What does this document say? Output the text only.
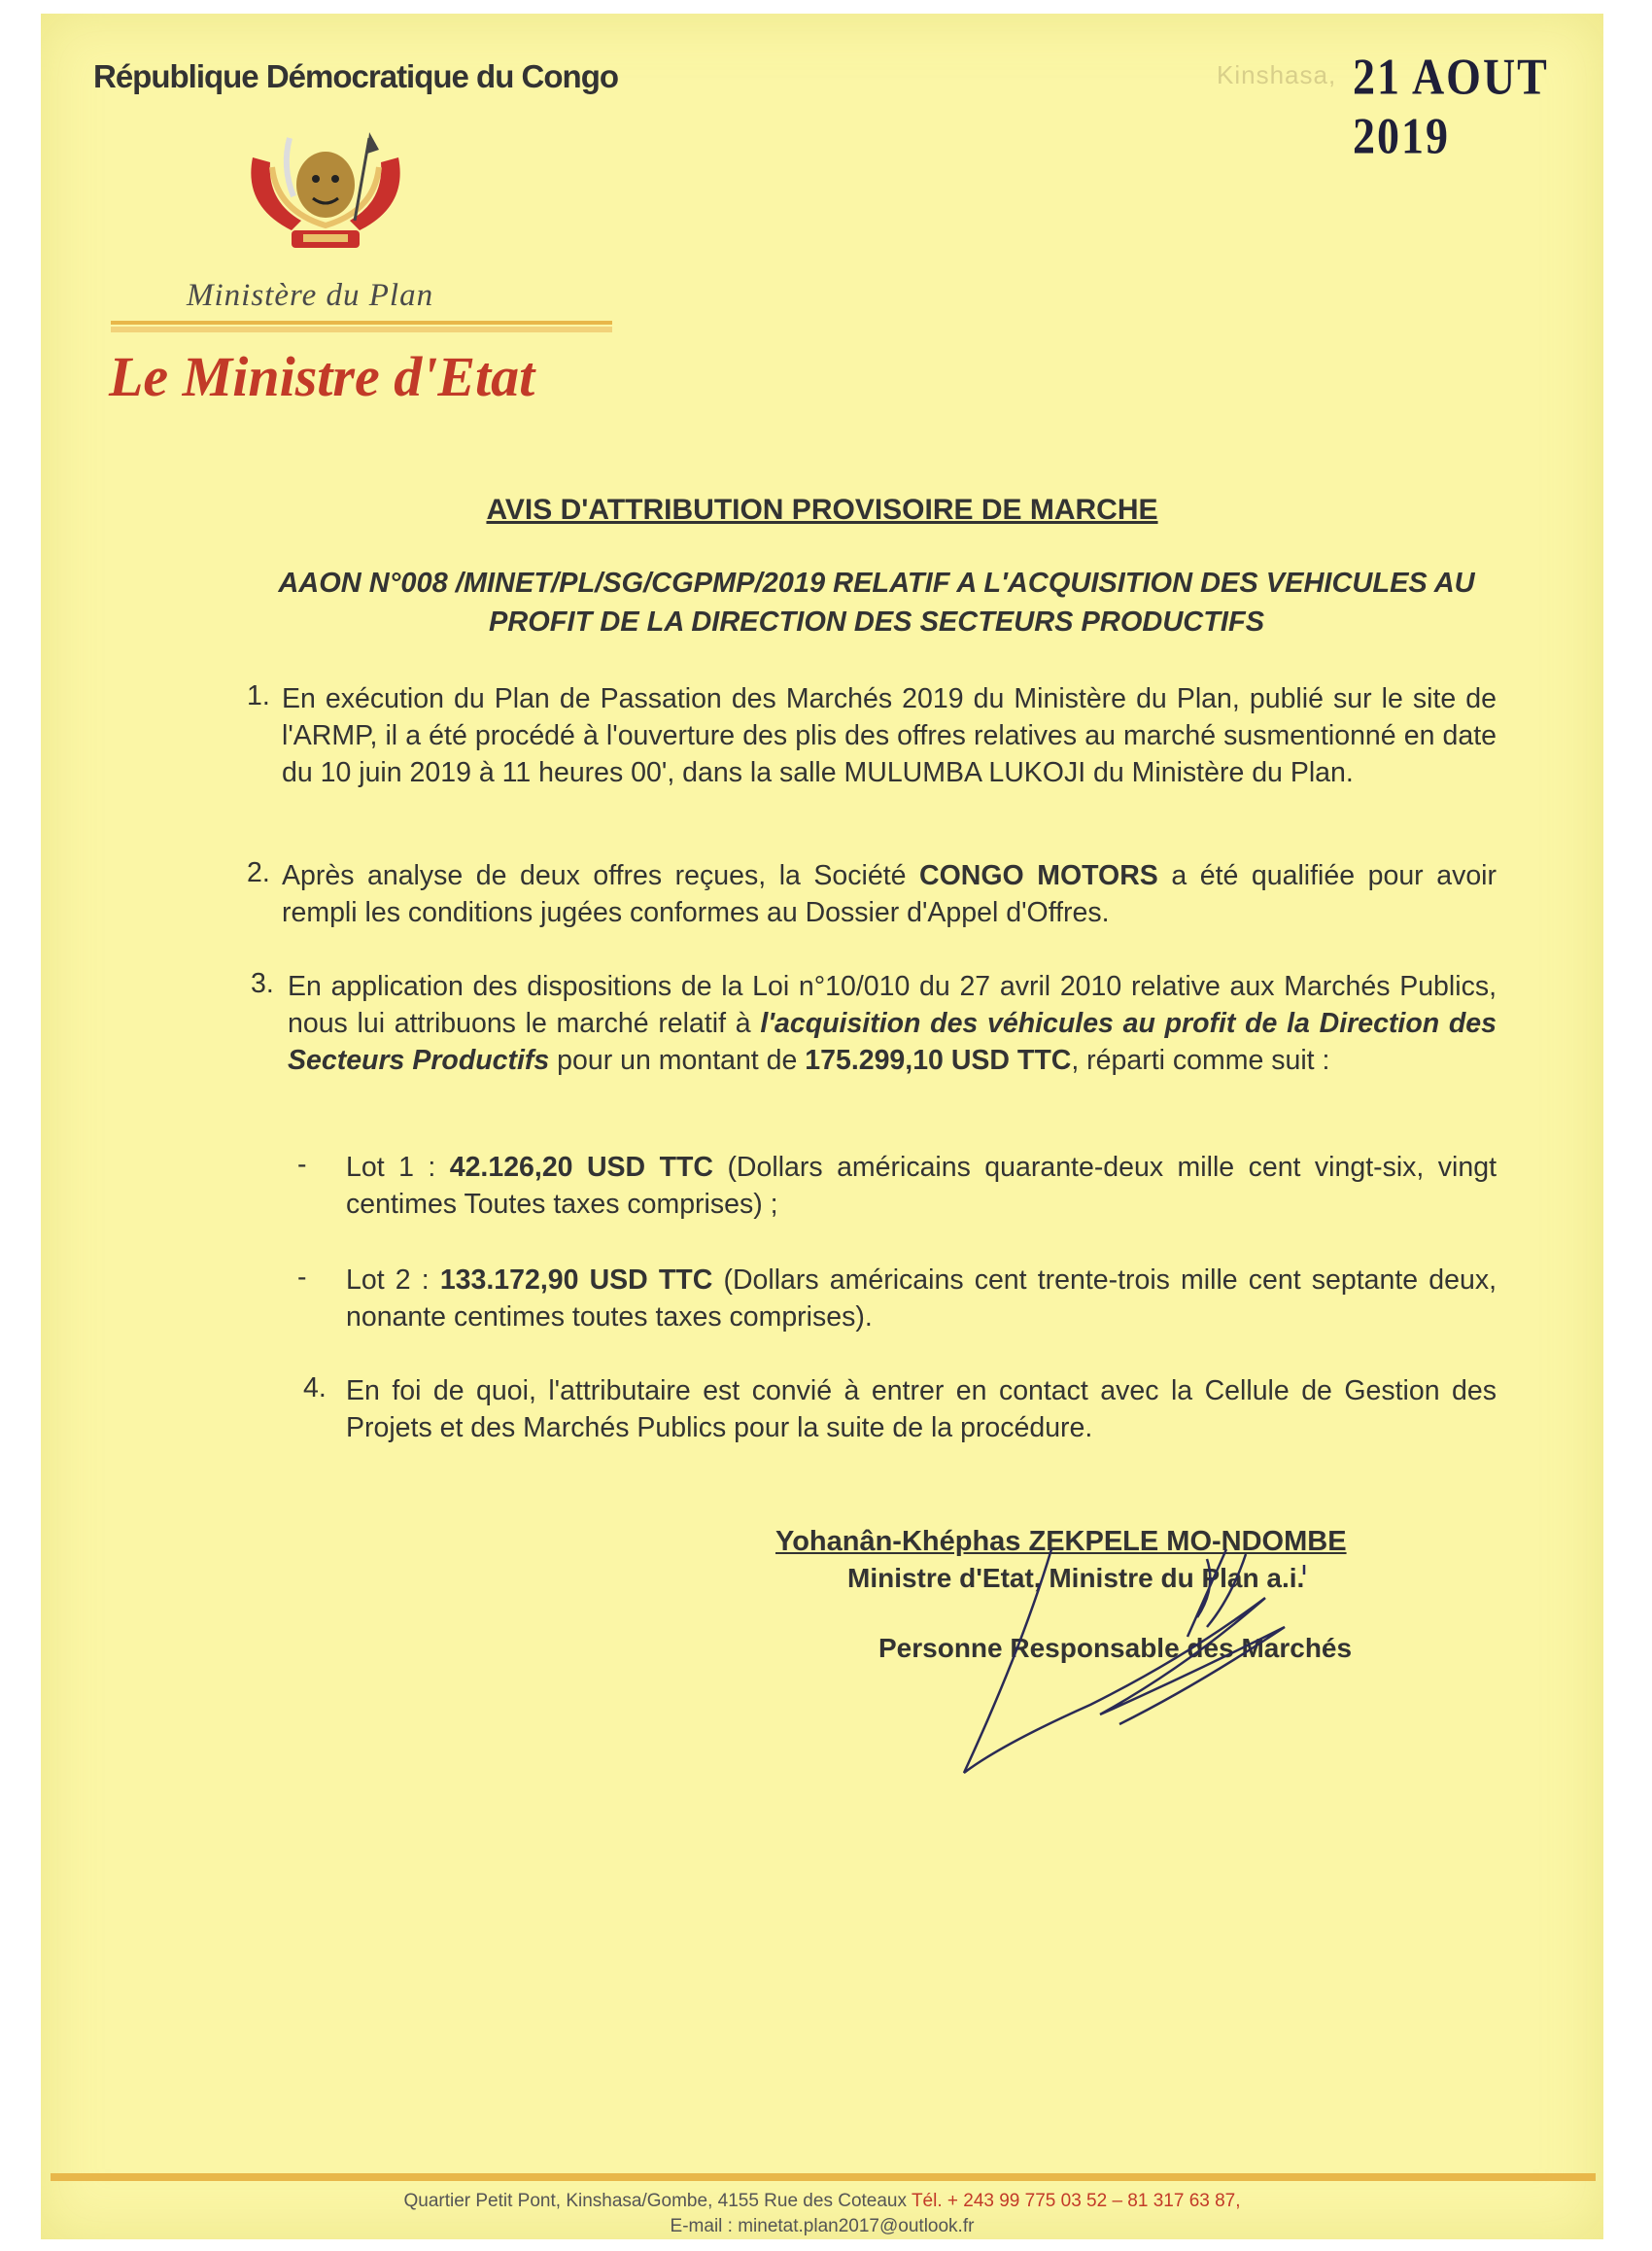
République Démocratique du Congo	Kinshasa, 21 AOUT 2019
Ministère du Plan
Le Ministre d'Etat
AVIS D'ATTRIBUTION PROVISOIRE DE MARCHE
AAON N°008 /MINET/PL/SG/CGPMP/2019 RELATIF A L'ACQUISITION DES VEHICULES AU PROFIT DE LA DIRECTION DES SECTEURS PRODUCTIFS
1. En exécution du Plan de Passation des Marchés 2019 du Ministère du Plan, publié sur le site de l'ARMP, il a été procédé à l'ouverture des plis des offres relatives au marché susmentionné en date du 10 juin 2019 à 11 heures 00', dans la salle MULUMBA LUKOJI du Ministère du Plan.
2. Après analyse de deux offres reçues, la Société CONGO MOTORS a été qualifiée pour avoir rempli les conditions jugées conformes au Dossier d'Appel d'Offres.
3. En application des dispositions de la Loi n°10/010 du 27 avril 2010 relative aux Marchés Publics, nous lui attribuons le marché relatif à l'acquisition des véhicules au profit de la Direction des Secteurs Productifs pour un montant de 175.299,10 USD TTC, réparti comme suit :
- Lot 1 : 42.126,20 USD TTC (Dollars américains quarante-deux mille cent vingt-six, vingt centimes Toutes taxes comprises) ;
- Lot 2 : 133.172,90 USD TTC (Dollars américains cent trente-trois mille cent septante deux, nonante centimes toutes taxes comprises).
4. En foi de quoi, l'attributaire est convié à entrer en contact avec la Cellule de Gestion des Projets et des Marchés Publics pour la suite de la procédure.
Yohanân-Khéphas ZEKPELE MO-NDOMBE
Ministre d'Etat, Ministre du Plan a.i.
Personne Responsable des Marchés
Quartier Petit Pont, Kinshasa/Gombe, 4155 Rue des Coteaux Tél. + 243 99 775 03 52 – 81 317 63 87,
E-mail : minetat.plan2017@outlook.fr
